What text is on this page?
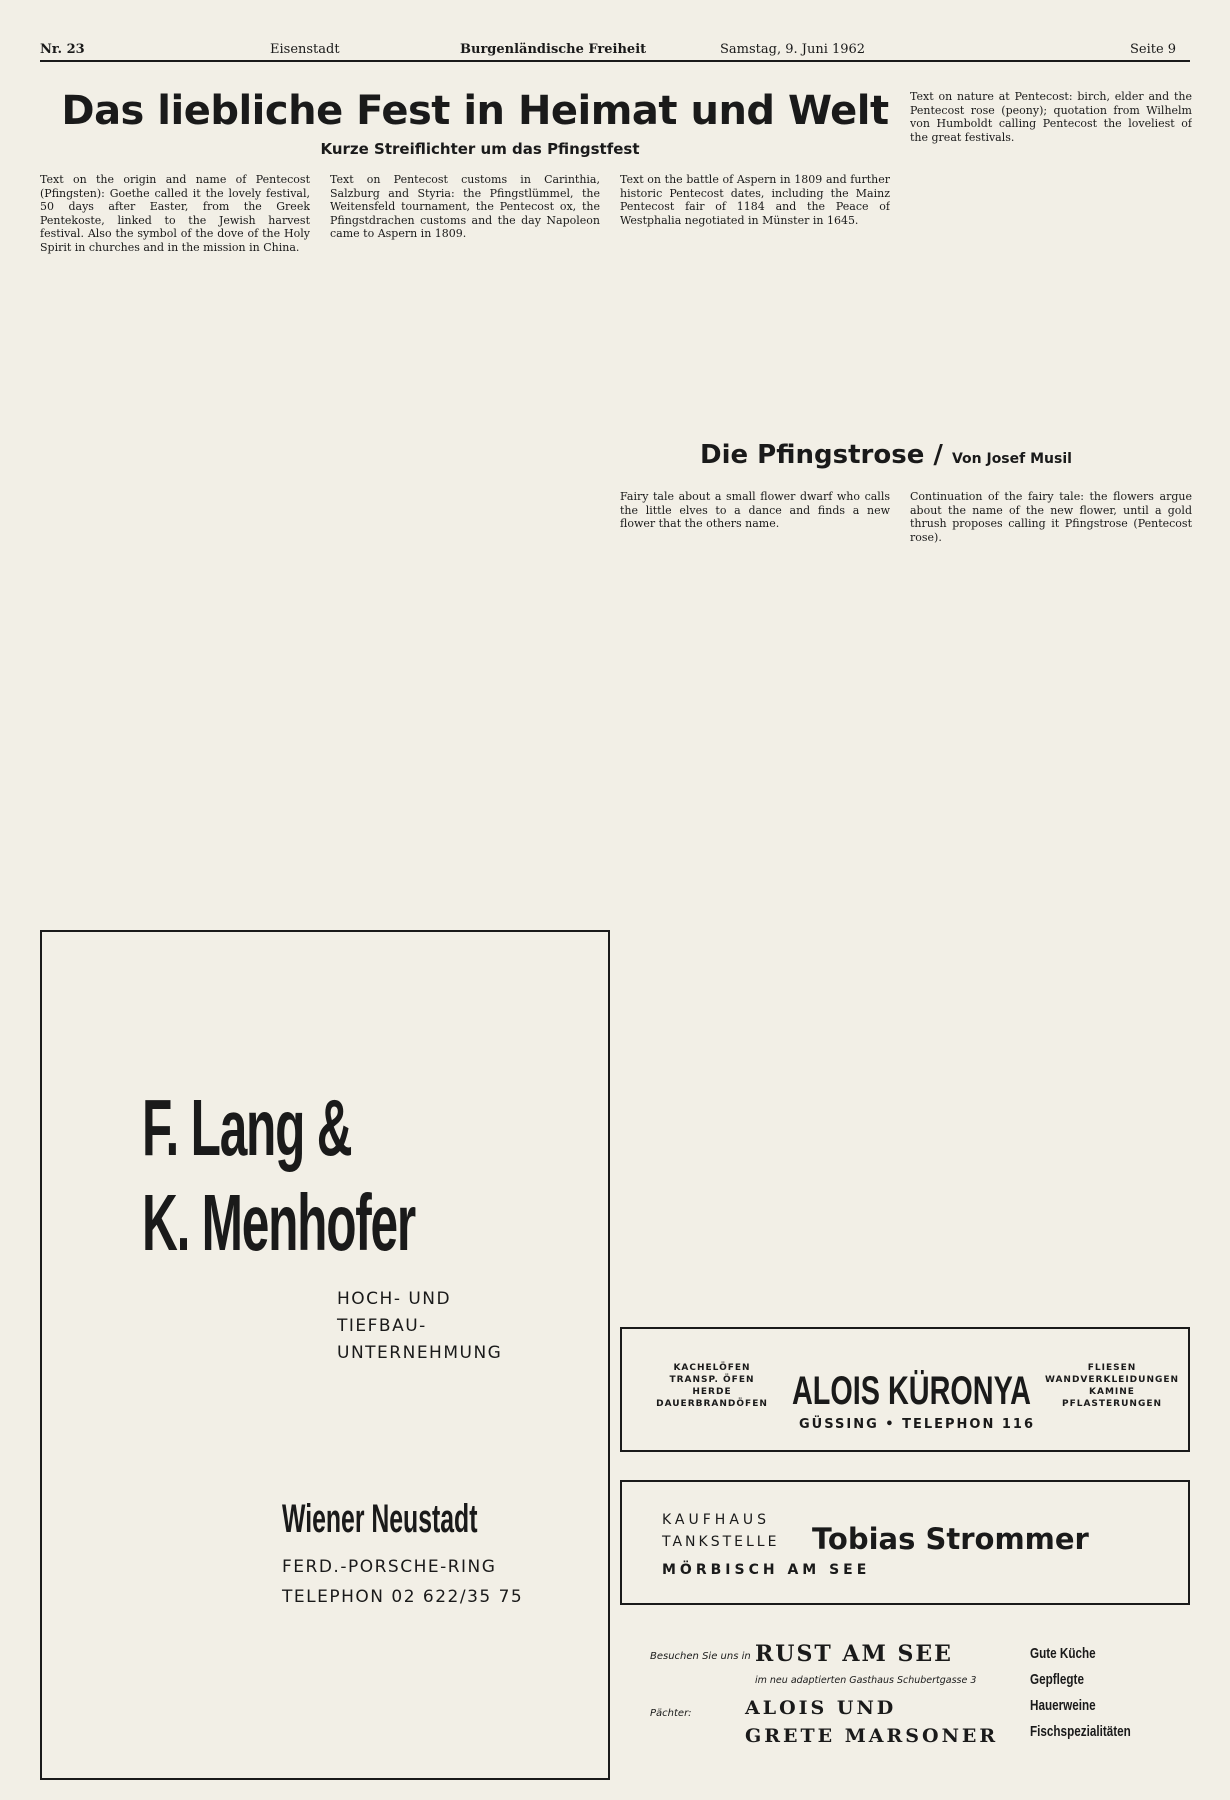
Nr. 23	Eisenstadt	Burgenländische Freiheit	Samstag, 9. Juni 1962	Seite 9
Das liebliche Fest in Heimat und Welt
Kurze Streiflichter um das Pfingstfest

Text on the origin and name of Pentecost (Pfingsten): Goethe called it the lovely festival, 50 days after Easter, from the Greek Pentekoste, linked to the Jewish harvest festival. Also the symbol of the dove of the Holy Spirit in churches and in the mission in China.

Text on Pentecost customs in Carinthia, Salzburg and Styria: the Pfingstlümmel, the Weitensfeld tournament, the Pentecost ox, the Pfingstdrachen customs and the day Napoleon came to Aspern in 1809.

Text on the battle of Aspern in 1809 and further historic Pentecost dates, including the Mainz Pentecost fair of 1184 and the Peace of Westphalia negotiated in Münster in 1645.

Text on nature at Pentecost: birch, elder and the Pentecost rose (peony); quotation from Wilhelm von Humboldt calling Pentecost the loveliest of the great festivals.

Die Pfingstrose / Von Josef Musil

Fairy tale about a small flower dwarf who calls the little elves to a dance and finds a new flower that the others name.

Continuation of the fairy tale: the flowers argue about the name of the new flower, until a gold thrush proposes calling it Pfingstrose (Pentecost rose).

F. Lang &
K. Menhofer
HOCH- UND
TIEFBAU-
UNTERNEHMUNG
Wiener Neustadt
FERD.-PORSCHE-RING
TELEPHON 02 622/35 75
KACHELÖFEN
TRANSP. ÖFEN
HERDE
DAUERBRANDÖFEN ALOIS KÜRONYA
FLIESEN
WANDVERKLEIDUNGEN
KAMINE
PFLASTERUNGEN
GÜSSING • TELEPHON 116
KAUFHAUS
TANKSTELLE Tobias Strommer
MÖRBISCH AM SEE
Besuchen Sie uns in RUST AM SEE
im neu adaptierten Gasthaus Schubertgasse 3
Pächter:	ALOIS UND
GRETE MARSONER
Gute Küche
Gepflegte
Hauerweine
Fischspezialitäten
